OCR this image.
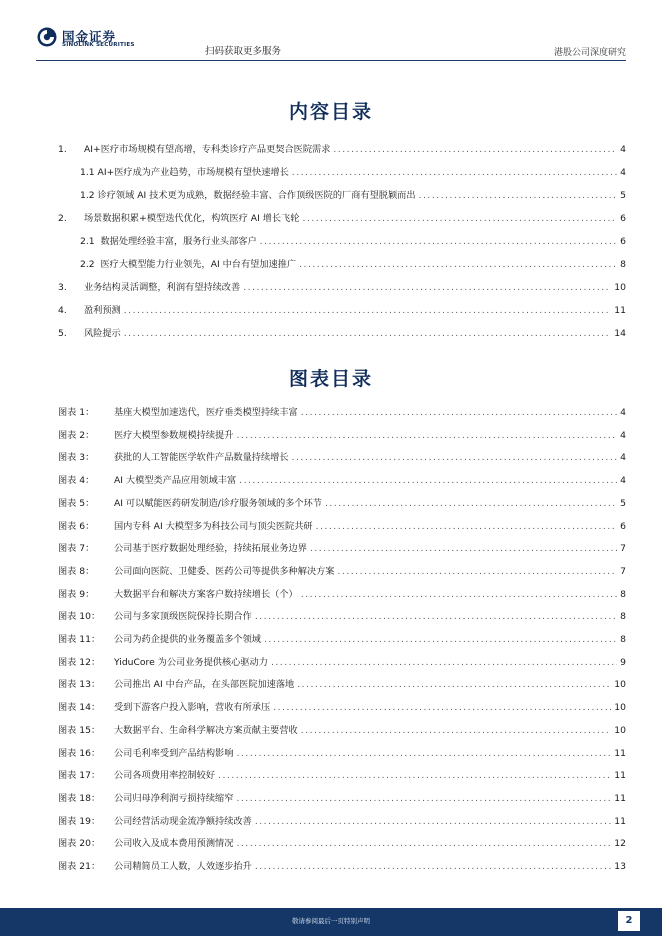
国金证券
SINOLINK SECURITIES
扫码获取更多服务	港股公司深度研究
内容目录
1. AI+医疗市场规模有望高增，专科类诊疗产品更契合医院需求 .....	4
1.1 AI+医疗成为产业趋势，市场规模有望快速增长 .....	4
1.2 诊疗领域 AI 技术更为成熟，数据经验丰富、合作顶级医院的厂商有望脱颖而出 .....	5
2. 场景数据积累+模型迭代优化，构筑医疗 AI 增长飞轮 .....	6
2.1  数据处理经验丰富，服务行业头部客户 .....	6
2.2  医疗大模型能力行业领先，AI 中台有望加速推广 .....	8
3. 业务结构灵活调整，利润有望持续改善 .....	10
4.	盈利预测 .....	11
5.	风险提示 .....	14
图表目录
图表 1：	基座大模型加速迭代，医疗垂类模型持续丰富 .....	4
图表 2：	医疗大模型参数规模持续提升 .....	4
图表 3：	获批的人工智能医学软件产品数量持续增长 .....	4
图表 4：	AI 大模型类产品应用领域丰富 .....	4
图表 5：	AI 可以赋能医药研发制造/诊疗服务领域的多个环节 .....	5
图表 6：	国内专科 AI 大模型多为科技公司与顶尖医院共研 .....	6
图表 7：	公司基于医疗数据处理经验，持续拓展业务边界 .....	7
图表 8：	公司面向医院、卫健委、医药公司等提供多种解决方案 .....	7
图表 9：	大数据平台和解决方案客户数持续增长（个） .....	8
图表 10：	公司与多家顶级医院保持长期合作 .....	8
图表 11：	公司为药企提供的业务覆盖多个领域 .....	8
图表 12：	YiduCore 为公司业务提供核心驱动力 .....	9
图表 13：	公司推出 AI 中台产品，在头部医院加速落地 .....	10
图表 14：	受到下游客户投入影响，营收有所承压 .....	10
图表 15：	大数据平台、生命科学解决方案贡献主要营收 .....	10
图表 16：	公司毛利率受到产品结构影响 .....	11
图表 17：	公司各项费用率控制较好 .....	11
图表 18：	公司归母净利润亏损持续缩窄 .....	11
图表 19：	公司经营活动现金流净额持续改善 .....	11
图表 20：	公司收入及成本费用预测情况 .....	12
图表 21：	公司精简员工人数，人效逐步抬升 .....	13
敬请参阅最后一页特别声明	2
